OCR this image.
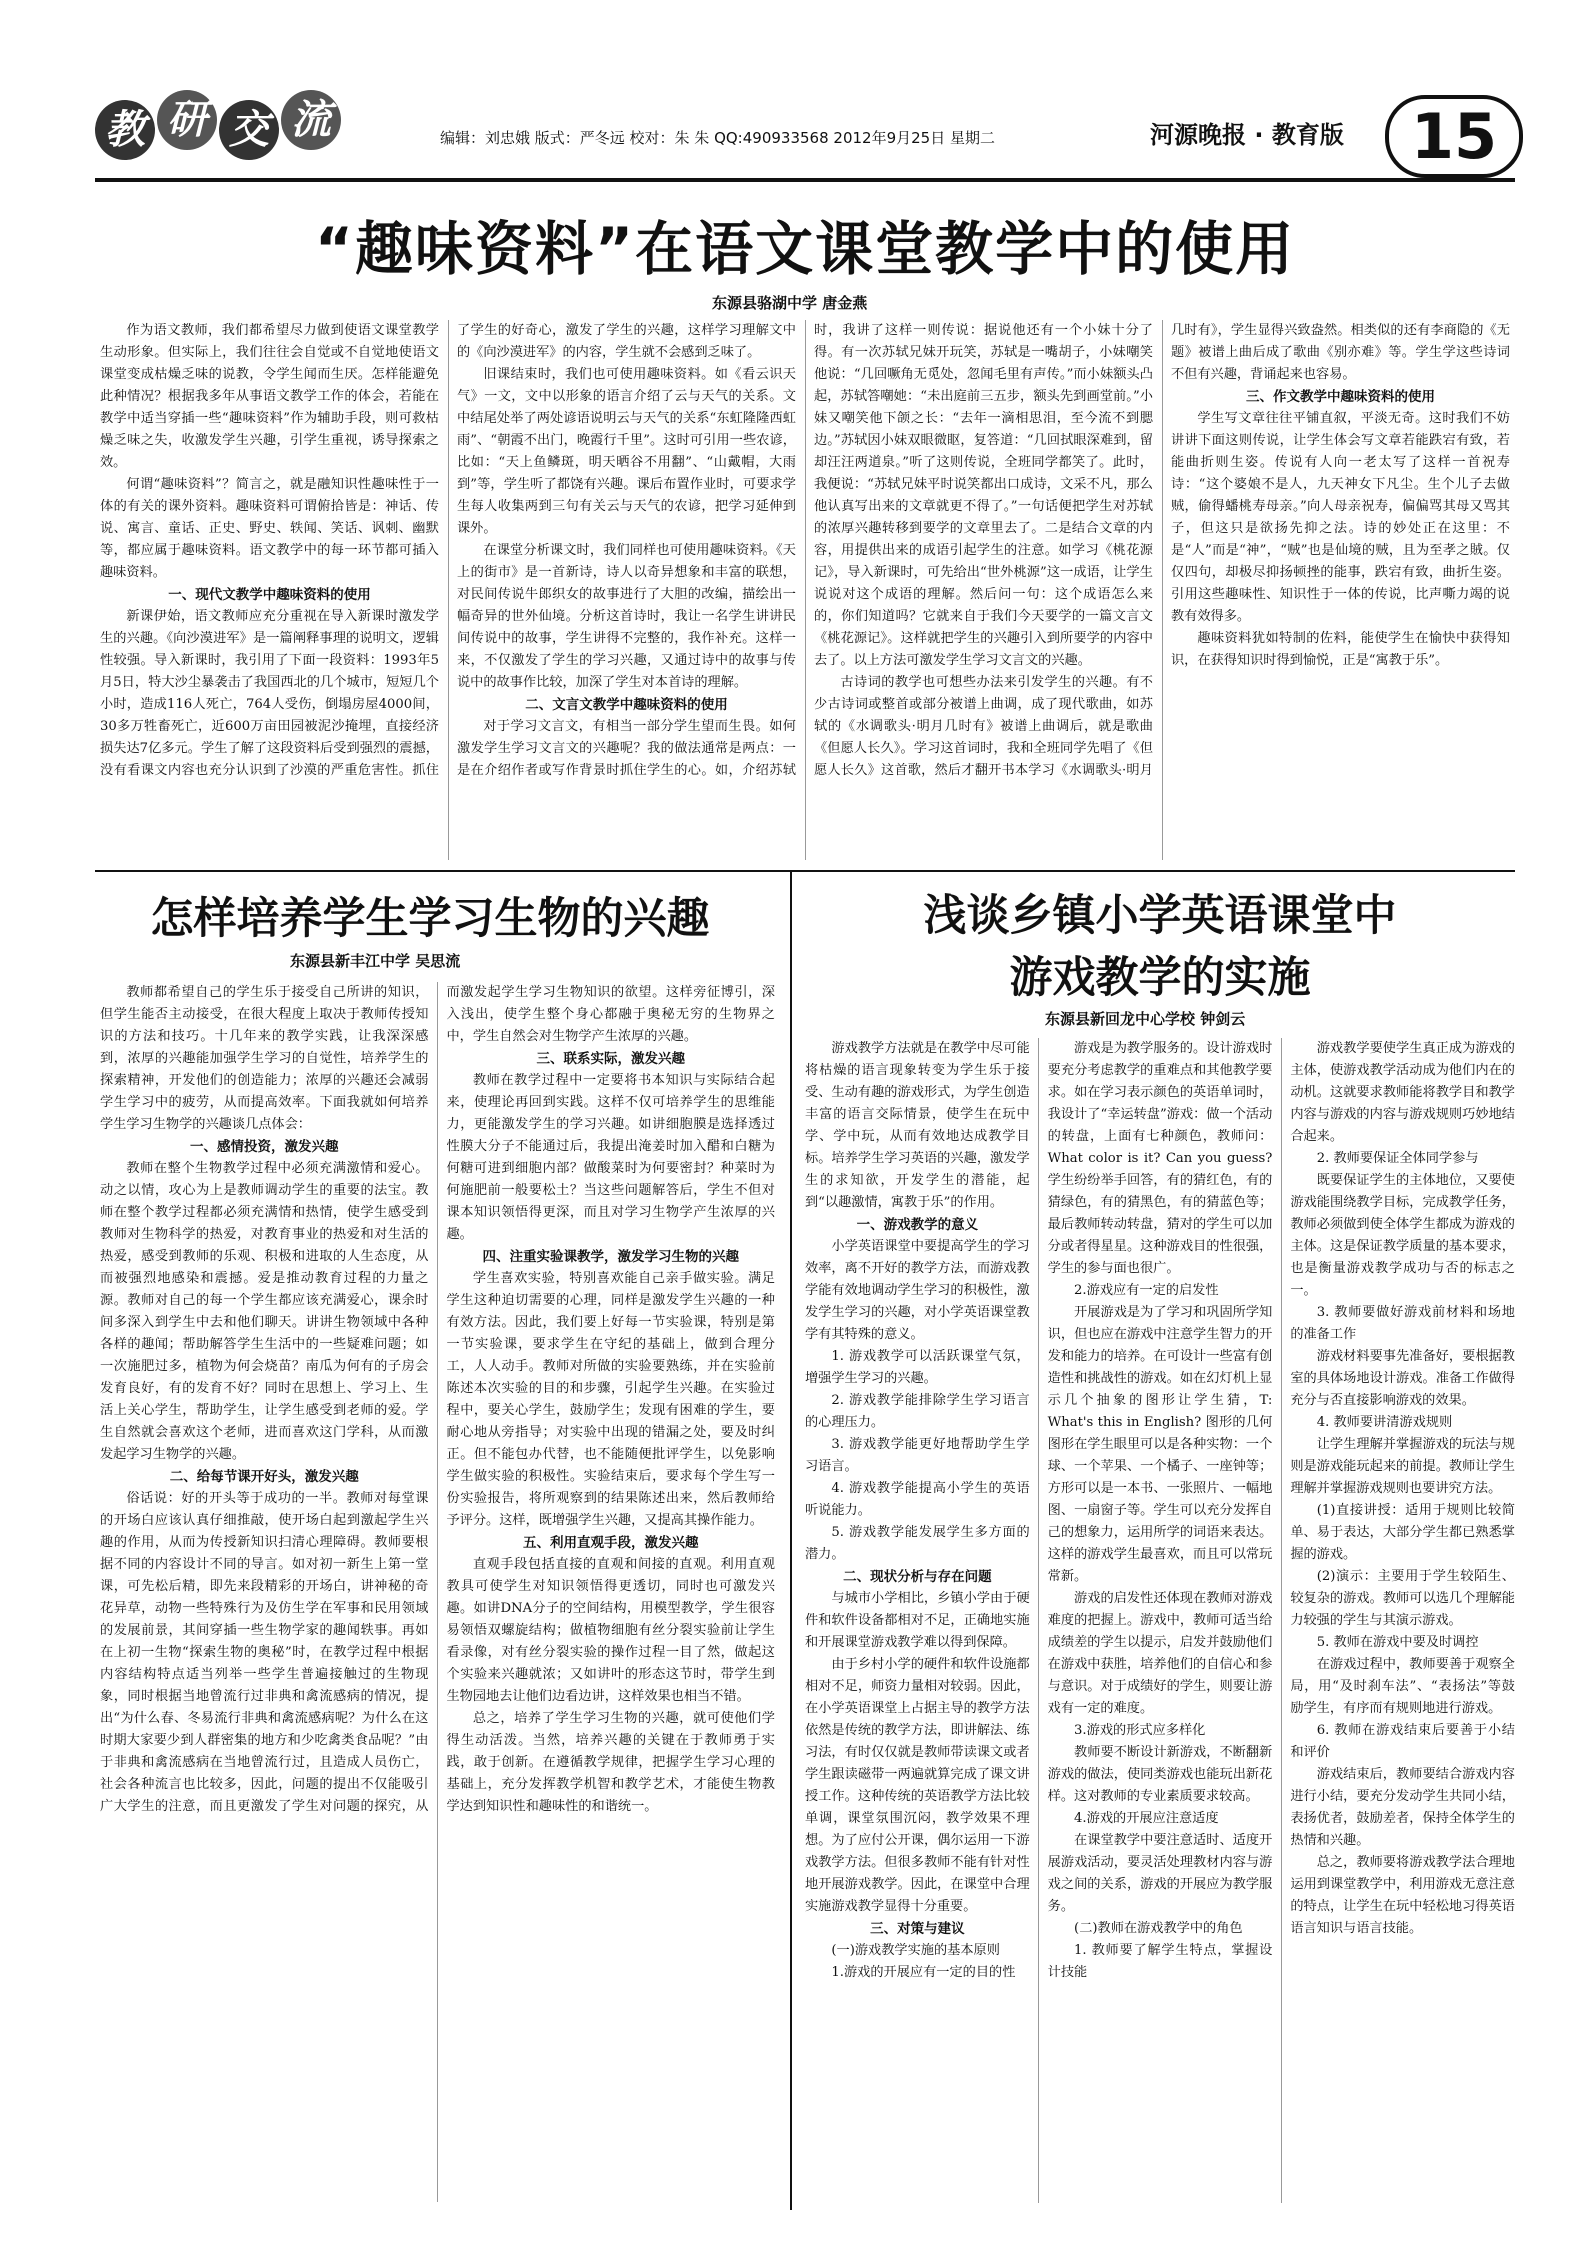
教 研 交 流	编辑：刘忠娥 版式：严冬远 校对：朱 朱 QQ:490933568 2012年9月25日 星期二	河源晚报 · 教育版	15
“趣味资料”在语文课堂教学中的使用
东源县骆湖中学 唐金燕

作为语文教师，我们都希望尽力做到使语文课堂教学生动形象。但实际上，我们往往会自觉或不自觉地使语文课堂变成枯燥乏味的说教，令学生闻而生厌。怎样能避免此种情况？根据我多年从事语文教学工作的体会，若能在教学中适当穿插一些“趣味资料”作为辅助手段，则可救枯燥乏味之失，收激发学生兴趣，引学生重视，诱导探索之效。

何谓“趣味资料”？简言之，就是融知识性趣味性于一体的有关的课外资料。趣味资料可谓俯拾皆是：神话、传说、寓言、童话、正史、野史、轶闻、笑话、讽刺、幽默等，都应属于趣味资料。语文教学中的每一环节都可插入趣味资料。

一、现代文教学中趣味资料的使用

新课伊始，语文教师应充分重视在导入新课时激发学生的兴趣。《向沙漠进军》是一篇阐释事理的说明文，逻辑性较强。导入新课时，我引用了下面一段资料：1993年5月5日，特大沙尘暴袭击了我国西北的几个城市，短短几个小时，造成116人死亡，764人受伤，倒塌房屋4000间，30多万牲畜死亡，近600万亩田园被泥沙掩埋，直接经济损失达7亿多元。学生了解了这段资料后受到强烈的震撼，没有看课文内容也充分认识到了沙漠的严重危害性。抓住了学生的好奇心，激发了学生的兴趣，这样学习理解文中的《向沙漠进军》的内容，学生就不会感到乏味了。

旧课结束时，我们也可使用趣味资料。如《看云识天气》一文，文中以形象的语言介绍了云与天气的关系。文中结尾处举了两处谚语说明云与天气的关系“东虹隆隆西虹雨”、“朝霞不出门，晚霞行千里”。这时可引用一些农谚，比如：“天上鱼鳞斑，明天晒谷不用翻”、“山戴帽，大雨到”等，学生听了都饶有兴趣。课后布置作业时，可要求学生每人收集两到三句有关云与天气的农谚，把学习延伸到课外。

在课堂分析课文时，我们同样也可使用趣味资料。《天上的街市》是一首新诗，诗人以奇异想象和丰富的联想，对民间传说牛郎织女的故事进行了大胆的改编，描绘出一幅奇异的世外仙境。分析这首诗时，我让一名学生讲讲民间传说中的故事，学生讲得不完整的，我作补充。这样一来，不仅激发了学生的学习兴趣，又通过诗中的故事与传说中的故事作比较，加深了学生对本首诗的理解。

二、文言文教学中趣味资料的使用

对于学习文言文，有相当一部分学生望而生畏。如何激发学生学习文言文的兴趣呢？我的做法通常是两点：一是在介绍作者或写作背景时抓住学生的心。如，介绍苏轼时，我讲了这样一则传说：据说他还有一个小妹十分了得。有一次苏轼兄妹开玩笑，苏轼是一嘴胡子，小妹嘲笑他说：“几回噘角无觅处，忽闻毛里有声传。”而小妹额头凸起，苏轼答嘲她：“未出庭前三五步，额头先到画堂前。”小妹又嘲笑他下颌之长：“去年一滴相思泪，至今流不到腮边。”苏轼因小妹双眼微眍，复答道：“几回拭眼深难到，留却汪汪两道泉。”听了这则传说，全班同学都笑了。此时，我便说：“苏轼兄妹平时说笑都出口成诗，文采不凡，那么他认真写出来的文章就更不得了。”一句话便把学生对苏轼的浓厚兴趣转移到要学的文章里去了。二是结合文章的内容，用提供出来的成语引起学生的注意。如学习《桃花源记》，导入新课时，可先给出“世外桃源”这一成语，让学生说说对这个成语的理解。然后问一句：这个成语怎么来的，你们知道吗？它就来自于我们今天要学的一篇文言文《桃花源记》。这样就把学生的兴趣引入到所要学的内容中去了。以上方法可激发学生学习文言文的兴趣。

古诗词的教学也可想些办法来引发学生的兴趣。有不少古诗词或整首或部分被谱上曲调，成了现代歌曲，如苏轼的《水调歌头·明月几时有》被谱上曲调后，就是歌曲《但愿人长久》。学习这首词时，我和全班同学先唱了《但愿人长久》这首歌，然后才翻开书本学习《水调歌头·明月几时有》，学生显得兴致盎然。相类似的还有李商隐的《无题》被谱上曲后成了歌曲《别亦难》等。学生学这些诗词不但有兴趣，背诵起来也容易。

三、作文教学中趣味资料的使用

学生写文章往往平铺直叙，平淡无奇。这时我们不妨讲讲下面这则传说，让学生体会写文章若能跌宕有致，若能曲折则生姿。传说有人向一老太写了这样一首祝寿诗：“这个婆娘不是人，九天神女下凡尘。生个儿子去做贼，偷得蟠桃寿母亲。”向人母亲祝寿，偏偏骂其母又骂其子，但这只是欲扬先抑之法。诗的妙处正在这里：不是“人”而是“神”，“贼”也是仙境的贼，且为至孝之賊。仅仅四句，却极尽抑扬顿挫的能事，跌宕有致，曲折生姿。引用这些趣味性、知识性于一体的传说，比声嘶力竭的说教有效得多。

趣味资料犹如特制的佐料，能使学生在愉快中获得知识，在获得知识时得到愉悦，正是“寓教于乐”。

怎样培养学生学习生物的兴趣
东源县新丰江中学 吴思流

教师都希望自己的学生乐于接受自己所讲的知识，但学生能否主动接受，在很大程度上取决于教师传授知识的方法和技巧。十几年来的教学实践，让我深深感到，浓厚的兴趣能加强学生学习的自觉性，培养学生的探索精神，开发他们的创造能力；浓厚的兴趣还会减弱学生学习中的疲劳，从而提高效率。下面我就如何培养学生学习生物学的兴趣谈几点体会：

一、感情投资，激发兴趣

教师在整个生物教学过程中必须充满激情和爱心。动之以情，攻心为上是教师调动学生的重要的法宝。教师在整个教学过程都必须充满情和热情，使学生感受到教师对生物科学的热爱，对教育事业的热爱和对生活的热爱，感受到教师的乐观、积极和进取的人生态度，从而被强烈地感染和震撼。爱是推动教育过程的力量之源。教师对自己的每一个学生都应该充满爱心，课余时间多深入到学生中去和他们聊天。讲讲生物领域中各种各样的趣闻；帮助解答学生生活中的一些疑难问题；如一次施肥过多，植物为何会烧苗？南瓜为何有的子房会发育良好，有的发育不好？同时在思想上、学习上、生活上关心学生，帮助学生，让学生感受到老师的爱。学生自然就会喜欢这个老师，进而喜欢这门学科，从而激发起学习生物学的兴趣。

二、给每节课开好头，激发兴趣

俗话说：好的开头等于成功的一半。教师对每堂课的开场白应该认真仔细推敲，使开场白起到激起学生兴趣的作用，从而为传授新知识扫清心理障碍。教师要根据不同的内容设计不同的导言。如对初一新生上第一堂课，可先松后精，即先来段精彩的开场白，讲神秘的奇花异草，动物一些特殊行为及仿生学在军事和民用领域的发展前景，其间穿插一些生物学家的趣闻轶事。再如在上初一生物“探索生物的奥秘”时，在教学过程中根据内容结构特点适当列举一些学生普遍接触过的生物现象，同时根据当地曾流行过非典和禽流感病的情况，提出“为什么春、冬易流行非典和禽流感病呢？为什么在这时期大家要少到人群密集的地方和少吃禽类食品呢？”由于非典和禽流感病在当地曾流行过，且造成人员伤亡，社会各种流言也比较多，因此，问题的提出不仅能吸引广大学生的注意，而且更激发了学生对问题的探究，从而激发起学生学习生物知识的欲望。这样旁征博引，深入浅出，使学生整个身心都融于奥秘无穷的生物界之中，学生自然会对生物学产生浓厚的兴趣。

三、联系实际，激发兴趣

教师在教学过程中一定要将书本知识与实际结合起来，使理论再回到实践。这样不仅可培养学生的思维能力，更能激发学生的学习兴趣。如讲细胞膜是选择透过性膜大分子不能通过后，我提出淹姜时加入醋和白糖为何糖可进到细胞内部？做酸菜时为何要密封？种菜时为何施肥前一般要松土？当这些问题解答后，学生不但对课本知识领悟得更深，而且对学习生物学产生浓厚的兴趣。

四、注重实验课教学，激发学习生物的兴趣

学生喜欢实验，特别喜欢能自己亲手做实验。满足学生这种迫切需要的心理，同样是激发学生兴趣的一种有效方法。因此，我们要上好每一节实验课，特别是第一节实验课，要求学生在守纪的基础上，做到合理分工，人人动手。教师对所做的实验要熟练，并在实验前陈述本次实验的目的和步骤，引起学生兴趣。在实验过程中，要关心学生，鼓励学生；发现有困难的学生，要耐心地从旁指导；对实验中出现的错漏之处，要及时纠正。但不能包办代替，也不能随便批评学生，以免影响学生做实验的积极性。实验结束后，要求每个学生写一份实验报告，将所观察到的结果陈述出来，然后教师给予评分。这样，既增强学生兴趣，又提高其操作能力。

五、利用直观手段，激发兴趣

直观手段包括直接的直观和间接的直观。利用直观教具可使学生对知识领悟得更透切，同时也可激发兴趣。如讲DNA分子的空间结构，用模型教学，学生很容易领悟双螺旋结构；做植物细胞有丝分裂实验前让学生看录像，对有丝分裂实验的操作过程一目了然，做起这个实验来兴趣就浓；又如讲叶的形态这节时，带学生到生物园地去让他们边看边讲，这样效果也相当不错。

总之，培养了学生学习生物的兴趣，就可使他们学得生动活泼。当然，培养兴趣的关键在于教师勇于实践，敢于创新。在遵循教学规律，把握学生学习心理的基础上，充分发挥教学机智和教学艺术，才能使生物教学达到知识性和趣味性的和谐统一。

浅谈乡镇小学英语课堂中
游戏教学的实施
东源县新回龙中心学校 钟剑云

游戏教学方法就是在教学中尽可能将枯燥的语言现象转变为学生乐于接受、生动有趣的游戏形式，为学生创造丰富的语言交际情景，使学生在玩中学、学中玩，从而有效地达成教学目标。培养学生学习英语的兴趣，激发学生的求知欲，开发学生的潜能，起到“以趣激情，寓教于乐”的作用。

一、游戏教学的意义

小学英语课堂中要提高学生的学习效率，离不开好的教学方法，而游戏教学能有效地调动学生学习的积极性，激发学生学习的兴趣，对小学英语课堂教学有其特殊的意义。

1. 游戏教学可以活跃课堂气氛，增强学生学习的兴趣。

2. 游戏教学能排除学生学习语言的心理压力。

3. 游戏教学能更好地帮助学生学习语言。

4. 游戏教学能提高小学生的英语听说能力。

5. 游戏教学能发展学生多方面的潜力。

二、现状分析与存在问题

与城市小学相比，乡镇小学由于硬件和软件设备都相对不足，正确地实施和开展课堂游戏教学难以得到保障。

由于乡村小学的硬件和软件设施都相对不足，师资力量相对较弱。因此，在小学英语课堂上占据主导的教学方法依然是传统的教学方法，即讲解法、练习法，有时仅仅就是教师带读课文或者学生跟读磁带一两遍就算完成了课文讲授工作。这种传统的英语教学方法比较单调，课堂氛围沉闷，教学效果不理想。为了应付公开课，偶尔运用一下游戏教学方法。但很多教师不能有针对性地开展游戏教学。因此，在课堂中合理实施游戏教学显得十分重要。

三、对策与建议

(一)游戏教学实施的基本原则

1.游戏的开展应有一定的目的性

游戏是为教学服务的。设计游戏时要充分考虑教学的重难点和其他教学要求。如在学习表示颜色的英语单词时，我设计了“幸运转盘”游戏：做一个活动的转盘，上面有七种颜色，教师问：What color is it? Can you guess? 学生纷纷举手回答，有的猜红色，有的猜绿色，有的猜黑色，有的猜蓝色等；最后教师转动转盘，猜对的学生可以加分或者得星星。这种游戏目的性很强，学生的参与面也很广。

2.游戏应有一定的启发性

开展游戏是为了学习和巩固所学知识，但也应在游戏中注意学生智力的开发和能力的培养。在可设计一些富有创造性和挑战性的游戏。如在幻灯机上显示几个抽象的图形让学生猜，T: What's this in English? 图形的几何图形在学生眼里可以是各种实物：一个球、一个苹果、一个橘子、一座钟等；方形可以是一本书、一张照片、一幅地图、一扇窗子等。学生可以充分发挥自己的想象力，运用所学的词语来表达。这样的游戏学生最喜欢，而且可以常玩常新。

游戏的启发性还体现在教师对游戏难度的把握上。游戏中，教师可适当给成绩差的学生以提示，启发并鼓励他们在游戏中获胜，培养他们的自信心和参与意识。对于成绩好的学生，则要让游戏有一定的难度。

3.游戏的形式应多样化

教师要不断设计新游戏，不断翻新游戏的做法，使同类游戏也能玩出新花样。这对教师的专业素质要求较高。

4.游戏的开展应注意适度

在课堂教学中要注意适时、适度开展游戏活动，要灵活处理教材内容与游戏之间的关系，游戏的开展应为教学服务。

(二)教师在游戏教学中的角色

1. 教师要了解学生特点，掌握设计技能

游戏教学要使学生真正成为游戏的主体，使游戏教学活动成为他们内在的动机。这就要求教师能将教学目和教学内容与游戏的内容与游戏规则巧妙地结合起来。

2. 教师要保证全体同学参与

既要保证学生的主体地位，又要使游戏能围绕教学目标，完成教学任务，教师必须做到使全体学生都成为游戏的主体。这是保证教学质量的基本要求，也是衡量游戏教学成功与否的标志之一。

3. 教师要做好游戏前材料和场地的准备工作

游戏材料要事先准备好，要根据教室的具体场地设计游戏。准备工作做得充分与否直接影响游戏的效果。

4. 教师要讲清游戏规则

让学生理解并掌握游戏的玩法与规则是游戏能玩起来的前提。教师让学生理解并掌握游戏规则也要讲究方法。

(1)直接讲授：适用于规则比较简单、易于表达，大部分学生都已熟悉掌握的游戏。

(2)演示：主要用于学生较陌生、较复杂的游戏。教师可以选几个理解能力较强的学生与其演示游戏。

5. 教师在游戏中要及时调控

在游戏过程中，教师要善于观察全局，用“及时刹车法”、“表扬法”等鼓励学生，有序而有规则地进行游戏。

6. 教师在游戏结束后要善于小结和评价

游戏结束后，教师要结合游戏内容进行小结，要充分发动学生共同小结，表扬优者，鼓励差者，保持全体学生的热情和兴趣。

总之，教师要将游戏教学法合理地运用到课堂教学中，利用游戏无意注意的特点，让学生在玩中轻松地习得英语语言知识与语言技能。
